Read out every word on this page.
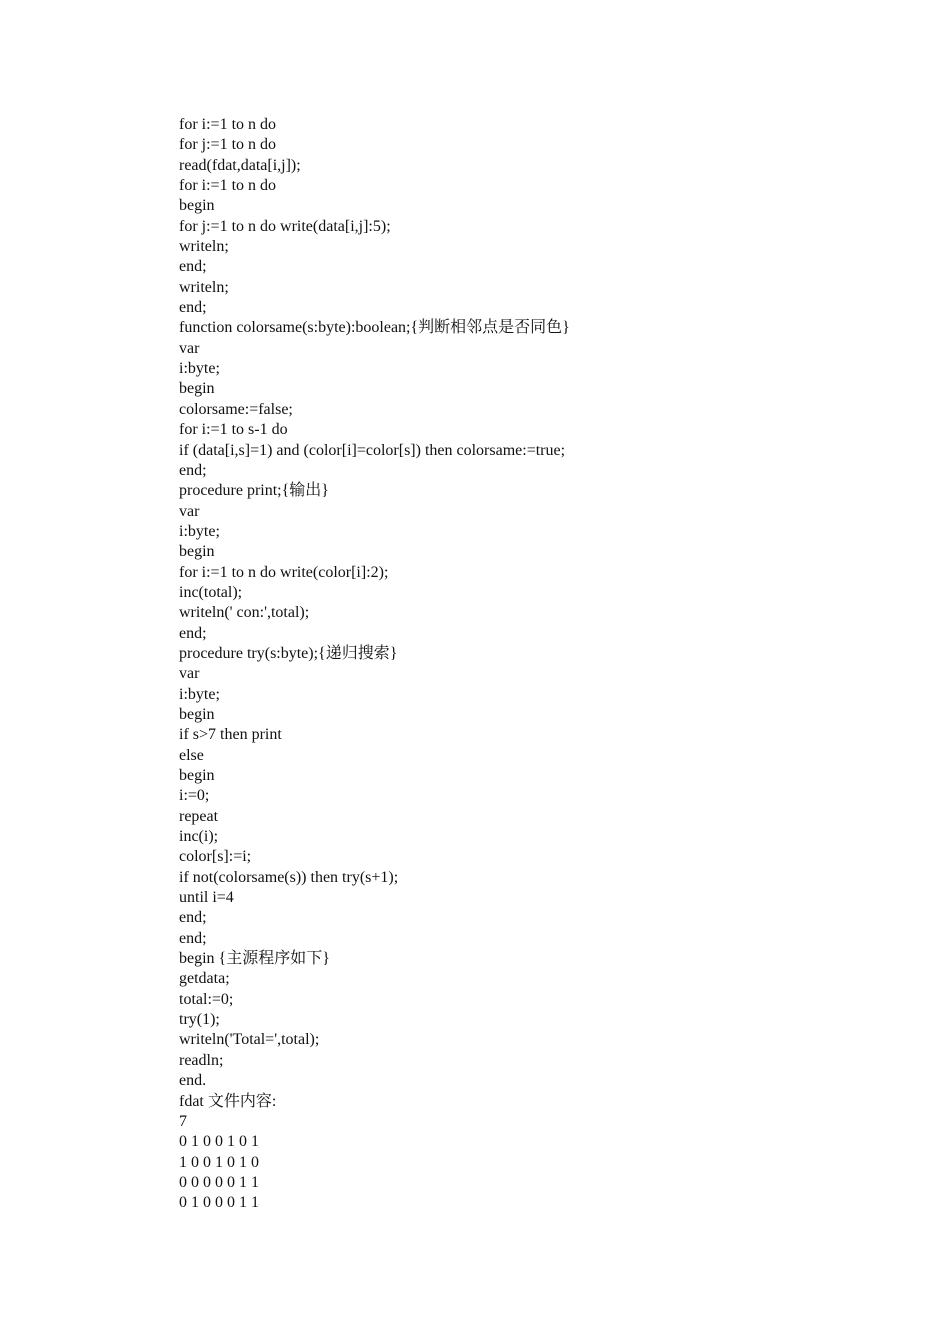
for i:=1 to n do
for j:=1 to n do
read(fdat,data[i,j]);
for i:=1 to n do
begin
for j:=1 to n do write(data[i,j]:5);
writeln;
end;
writeln;
end;
function colorsame(s:byte):boolean;{判断相邻点是否同色}
var
i:byte;
begin
colorsame:=false;
for i:=1 to s-1 do
if (data[i,s]=1) and (color[i]=color[s]) then colorsame:=true;
end;
procedure print;{输出}
var
i:byte;
begin
for i:=1 to n do write(color[i]:2);
inc(total);
writeln(' con:',total);
end;
procedure try(s:byte);{递归搜索}
var
i:byte;
begin
if s>7 then print
else
begin
i:=0;
repeat
inc(i);
color[s]:=i;
if not(colorsame(s)) then try(s+1);
until i=4
end;
end;
begin {主源程序如下}
getdata;
total:=0;
try(1);
writeln('Total=',total);
readln;
end.
fdat 文件内容:
7
0 1 0 0 1 0 1
1 0 0 1 0 1 0
0 0 0 0 0 1 1
0 1 0 0 0 1 1
